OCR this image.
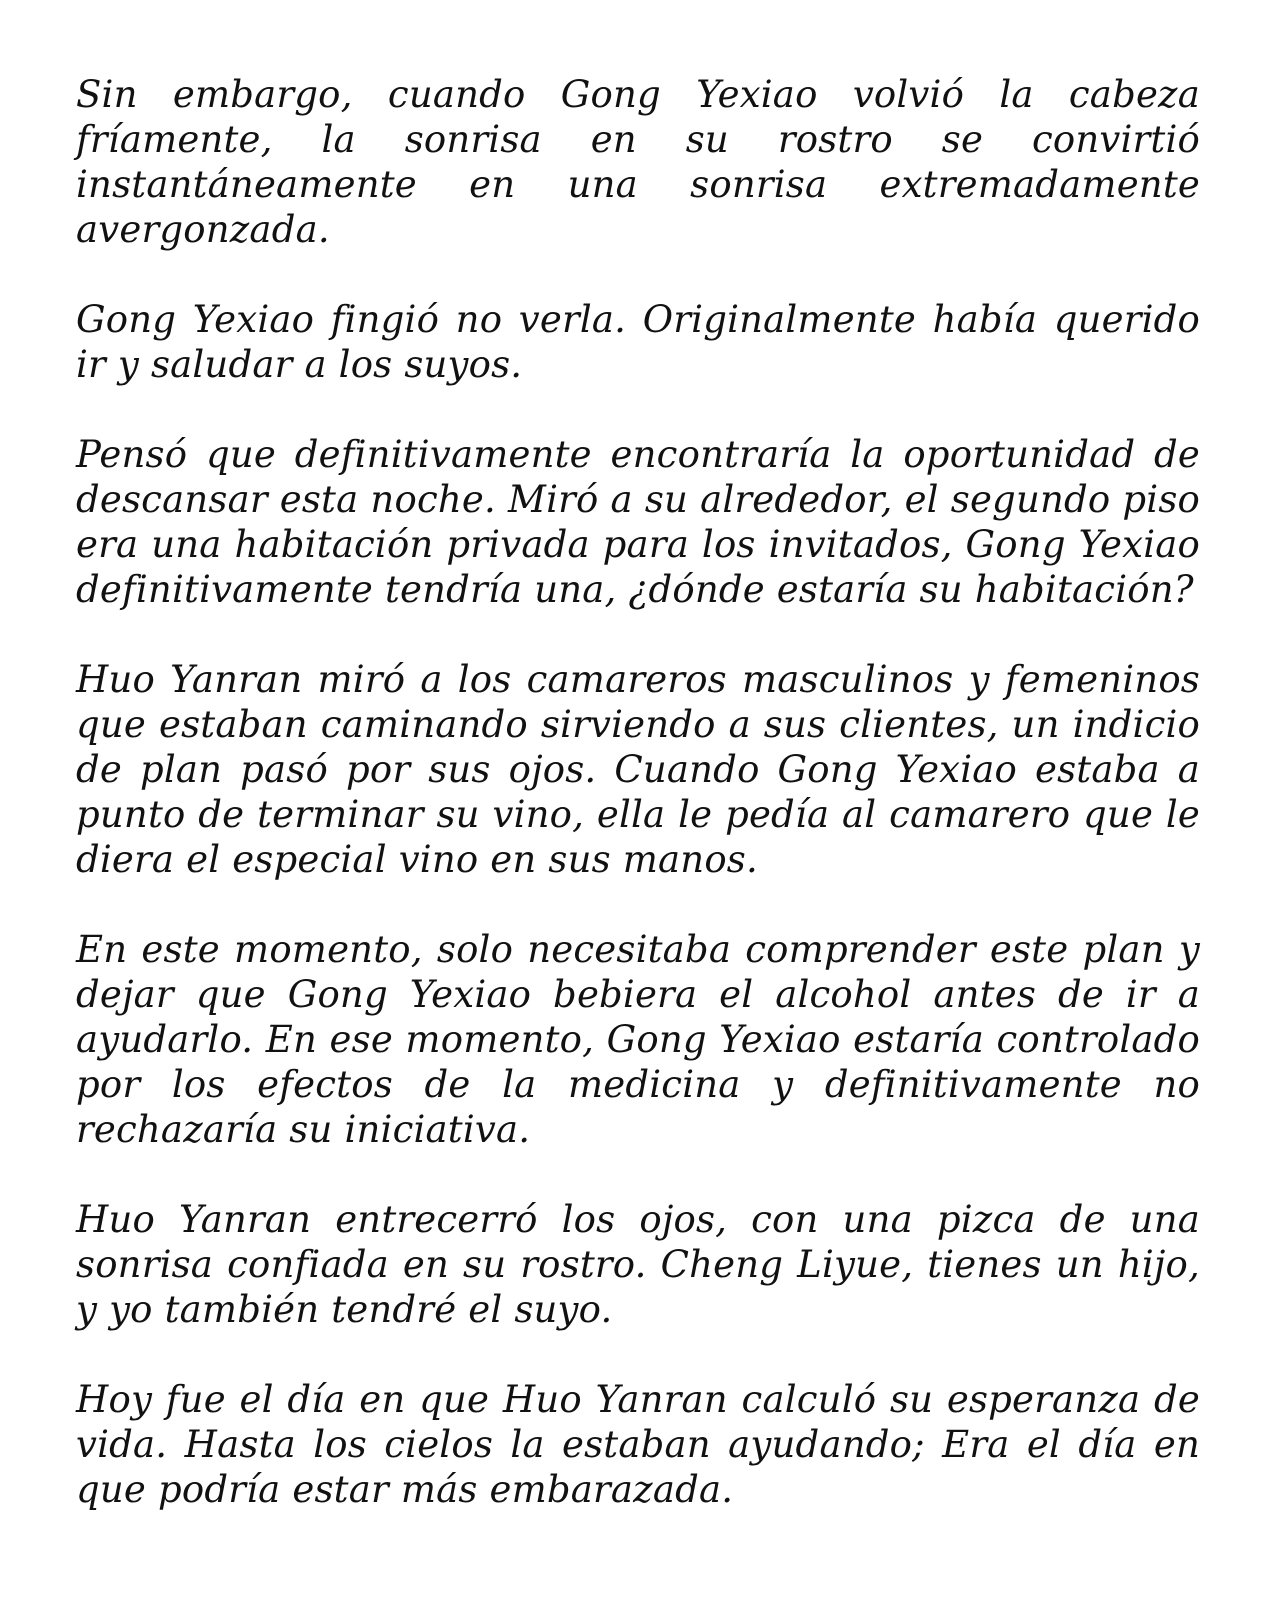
Sin embargo, cuando Gong Yexiao volvió la cabeza fríamente, la sonrisa en su rostro se convirtió instantáneamente en una sonrisa extremadamente avergonzada.

Gong Yexiao fingió no verla. Originalmente había querido ir y saludar a los suyos.

Pensó que definitivamente encontraría la oportunidad de descansar esta noche. Miró a su alrededor, el segundo piso era una habitación privada para los invitados, Gong Yexiao definitivamente tendría una, ¿dónde estaría su habitación?

Huo Yanran miró a los camareros masculinos y femeninos que estaban caminando sirviendo a sus clientes, un indicio de plan pasó por sus ojos. Cuando Gong Yexiao estaba a punto de terminar su vino, ella le pedía al camarero que le diera el especial vino en sus manos.

En este momento, solo necesitaba comprender este plan y dejar que Gong Yexiao bebiera el alcohol antes de ir a ayudarlo. En ese momento, Gong Yexiao estaría controlado por los efectos de la medicina y definitivamente no rechazaría su iniciativa.

Huo Yanran entrecerró los ojos, con una pizca de una sonrisa confiada en su rostro. Cheng Liyue, tienes un hijo, y yo también tendré el suyo.

Hoy fue el día en que Huo Yanran calculó su esperanza de vida. Hasta los cielos la estaban ayudando; Era el día en que podría estar más embarazada.
